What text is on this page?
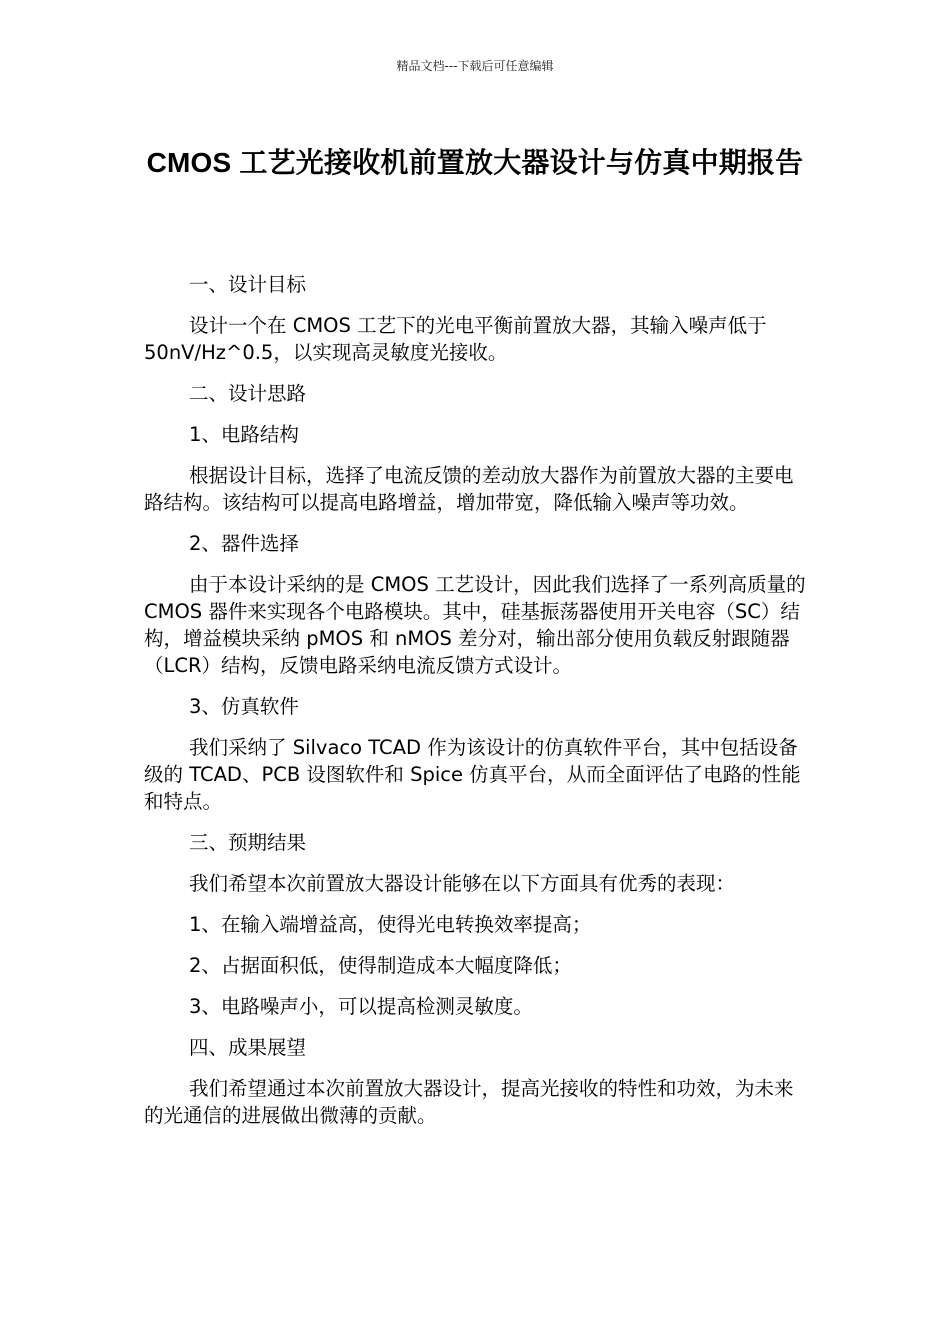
精品文档---下载后可任意编辑
CMOS 工艺光接收机前置放大器设计与仿真中期报告

一、设计目标

设计一个在 CMOS 工艺下的光电平衡前置放大器，其输入噪声低于 50nV/Hz^0.5，以实现高灵敏度光接收。

二、设计思路

1、电路结构

根据设计目标，选择了电流反馈的差动放大器作为前置放大器的主要电路结构。该结构可以提高电路增益，增加带宽，降低输入噪声等功效。

2、器件选择

由于本设计采纳的是 CMOS 工艺设计，因此我们选择了一系列高质量的 CMOS 器件来实现各个电路模块。其中，硅基振荡器使用开关电容（SC）结构，增益模块采纳 pMOS 和 nMOS 差分对，输出部分使用负载反射跟随器（LCR）结构，反馈电路采纳电流反馈方式设计。

3、仿真软件

我们采纳了 Silvaco TCAD 作为该设计的仿真软件平台，其中包括设备级的 TCAD、PCB 设图软件和 Spice 仿真平台，从而全面评估了电路的性能和特点。

三、预期结果

我们希望本次前置放大器设计能够在以下方面具有优秀的表现：

1、在输入端增益高，使得光电转换效率提高；

2、占据面积低，使得制造成本大幅度降低；

3、电路噪声小，可以提高检测灵敏度。

四、成果展望

我们希望通过本次前置放大器设计，提高光接收的特性和功效，为未来的光通信的进展做出微薄的贡献。
